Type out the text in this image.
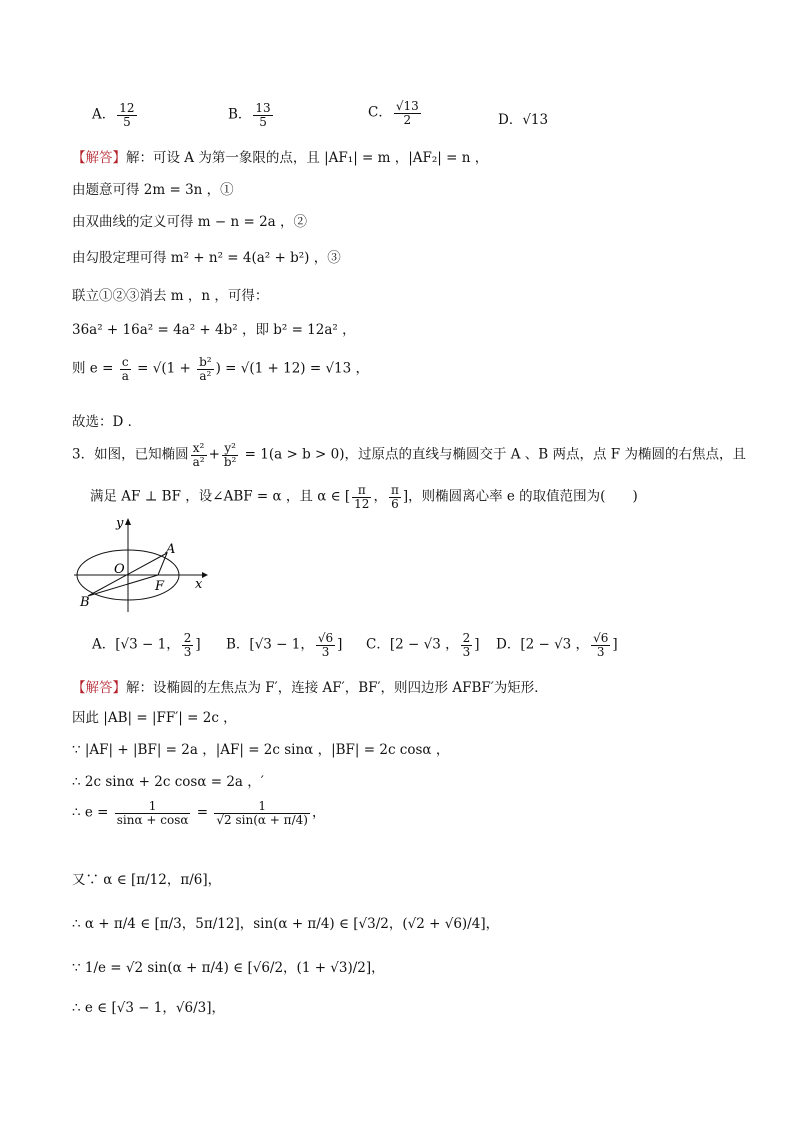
A． $\frac{12}{5}$	B． $\frac{13}{5}$	C． $\frac{√13}{2}$	D．√13
【解答】解：可设 A 为第一象限的点，且 |AF₁| = m ，|AF₂| = n ，
由题意可得 2m = 3n ，①
由双曲线的定义可得 m − n = 2a ，②
由勾股定理可得 m² + n² = 4(a² + b²) ，③
联立①②③消去 m ，n ，可得：
36a² + 16a² = 4a² + 4b² ，即 b² = 12a² ，
则 $e = \frac{c}{a} = √(1 + \frac{\text{b²}}{\text{a²}}$ ) = √(1 + 12) = √13 ，
故选：D ．
3．如图，已知椭圆 $\frac{\text{x²}}{\text{a²}} + \frac{\text{y²}}{\text{b²}} = 1(a > b > 0)$，过原点的直线与椭圆交于 A 、B 两点，点 F 为椭圆的右焦点，且
满足 AF ⊥ BF ，设∠ABF = α ，且 α ∈ [ $\frac{\pi}{12}$ ， $\frac{\pi}{6}$ ]，则椭圆离心率 e 的取值范围为(　　)
y
x
O
A
F
B
A．[√3 − 1， $\frac{2}{3}$ ] B．[√3 − 1， $\frac{√6}{3}$ ] C．[2 − √3 ， $\frac{2}{3}$ ] D．[2 − √3 ， $\frac{√6}{3}$ ]
【解答】解：设椭圆的左焦点为 F′，连接 AF′，BF′，则四边形 AFBF′为矩形．
因此 |AB| = |FF′| = 2c ，
∵ |AF| + |BF| = 2a ，|AF| = 2c sinα ，|BF| = 2c cosα ，
∴ 2c sinα + 2c cosα = 2a ，′
∴ $e = \frac{1}{\sin\alpha + \cos\alpha} = \frac{1}{√2 \sin(\alpha + \pi/4)}$ ，
又∵ α ∈ [π/12，π/6]，
∴ α + π/4 ∈ [π/3，5π/12]，sin(α + π/4) ∈ [√3/2，(√2 + √6)/4]，
∵ 1/e = √2 sin(α + π/4) ∈ [√6/2，(1 + √3)/2]，
∴ e ∈ [√3 − 1，√6/3]，
